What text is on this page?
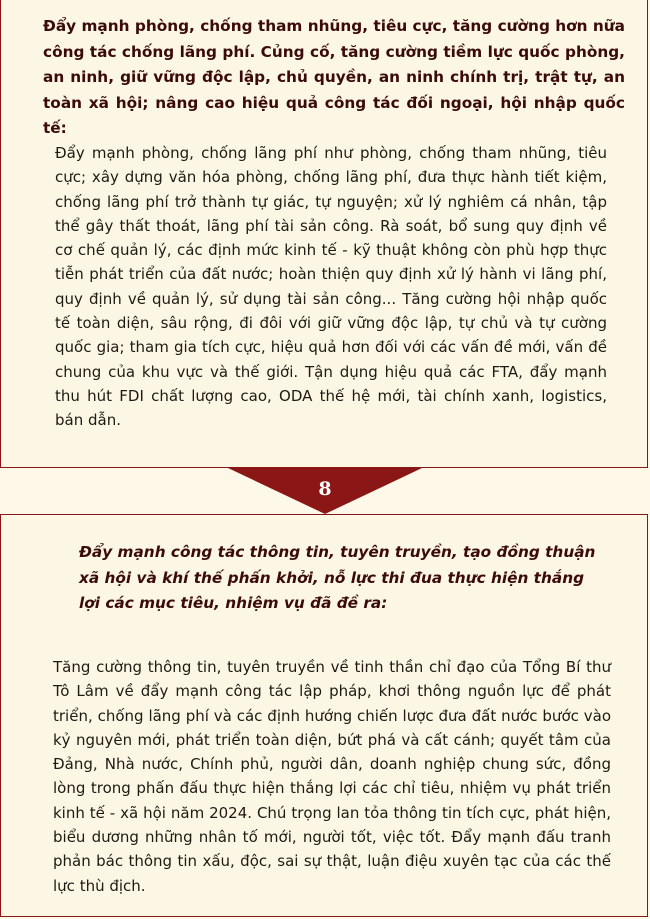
Đẩy mạnh phòng, chống tham nhũng, tiêu cực, tăng cường hơn nữa công tác chống lãng phí. Củng cố, tăng cường tiềm lực quốc phòng, an ninh, giữ vững độc lập, chủ quyền, an ninh chính trị, trật tự, an toàn xã hội; nâng cao hiệu quả công tác đối ngoại, hội nhập quốc tế:
Đẩy mạnh phòng, chống lãng phí như phòng, chống tham nhũng, tiêu cực; xây dựng văn hóa phòng, chống lãng phí, đưa thực hành tiết kiệm, chống lãng phí trở thành tự giác, tự nguyện; xử lý nghiêm cá nhân, tập thể gây thất thoát, lãng phí tài sản công. Rà soát, bổ sung quy định về cơ chế quản lý, các định mức kinh tế - kỹ thuật không còn phù hợp thực tiễn phát triển của đất nước; hoàn thiện quy định xử lý hành vi lãng phí, quy định về quản lý, sử dụng tài sản công... Tăng cường hội nhập quốc tế toàn diện, sâu rộng, đi đôi với giữ vững độc lập, tự chủ và tự cường quốc gia; tham gia tích cực, hiệu quả hơn đối với các vấn đề mới, vấn đề chung của khu vực và thế giới. Tận dụng hiệu quả các FTA, đẩy mạnh thu hút FDI chất lượng cao, ODA thế hệ mới, tài chính xanh, logistics, bán dẫn.
8
Đẩy mạnh công tác thông tin, tuyên truyền, tạo đồng thuận xã hội và khí thế phấn khởi, nỗ lực thi đua thực hiện thắng lợi các mục tiêu, nhiệm vụ đã đề ra:
Tăng cường thông tin, tuyên truyền về tinh thần chỉ đạo của Tổng Bí thư Tô Lâm về đẩy mạnh công tác lập pháp, khơi thông nguồn lực để phát triển, chống lãng phí và các định hướng chiến lược đưa đất nước bước vào kỷ nguyên mới, phát triển toàn diện, bứt phá và cất cánh; quyết tâm của Đảng, Nhà nước, Chính phủ, người dân, doanh nghiệp chung sức, đồng lòng trong phấn đấu thực hiện thắng lợi các chỉ tiêu, nhiệm vụ phát triển kinh tế - xã hội năm 2024. Chú trọng lan tỏa thông tin tích cực, phát hiện, biểu dương những nhân tố mới, người tốt, việc tốt. Đẩy mạnh đấu tranh phản bác thông tin xấu, độc, sai sự thật, luận điệu xuyên tạc của các thế lực thù địch.
